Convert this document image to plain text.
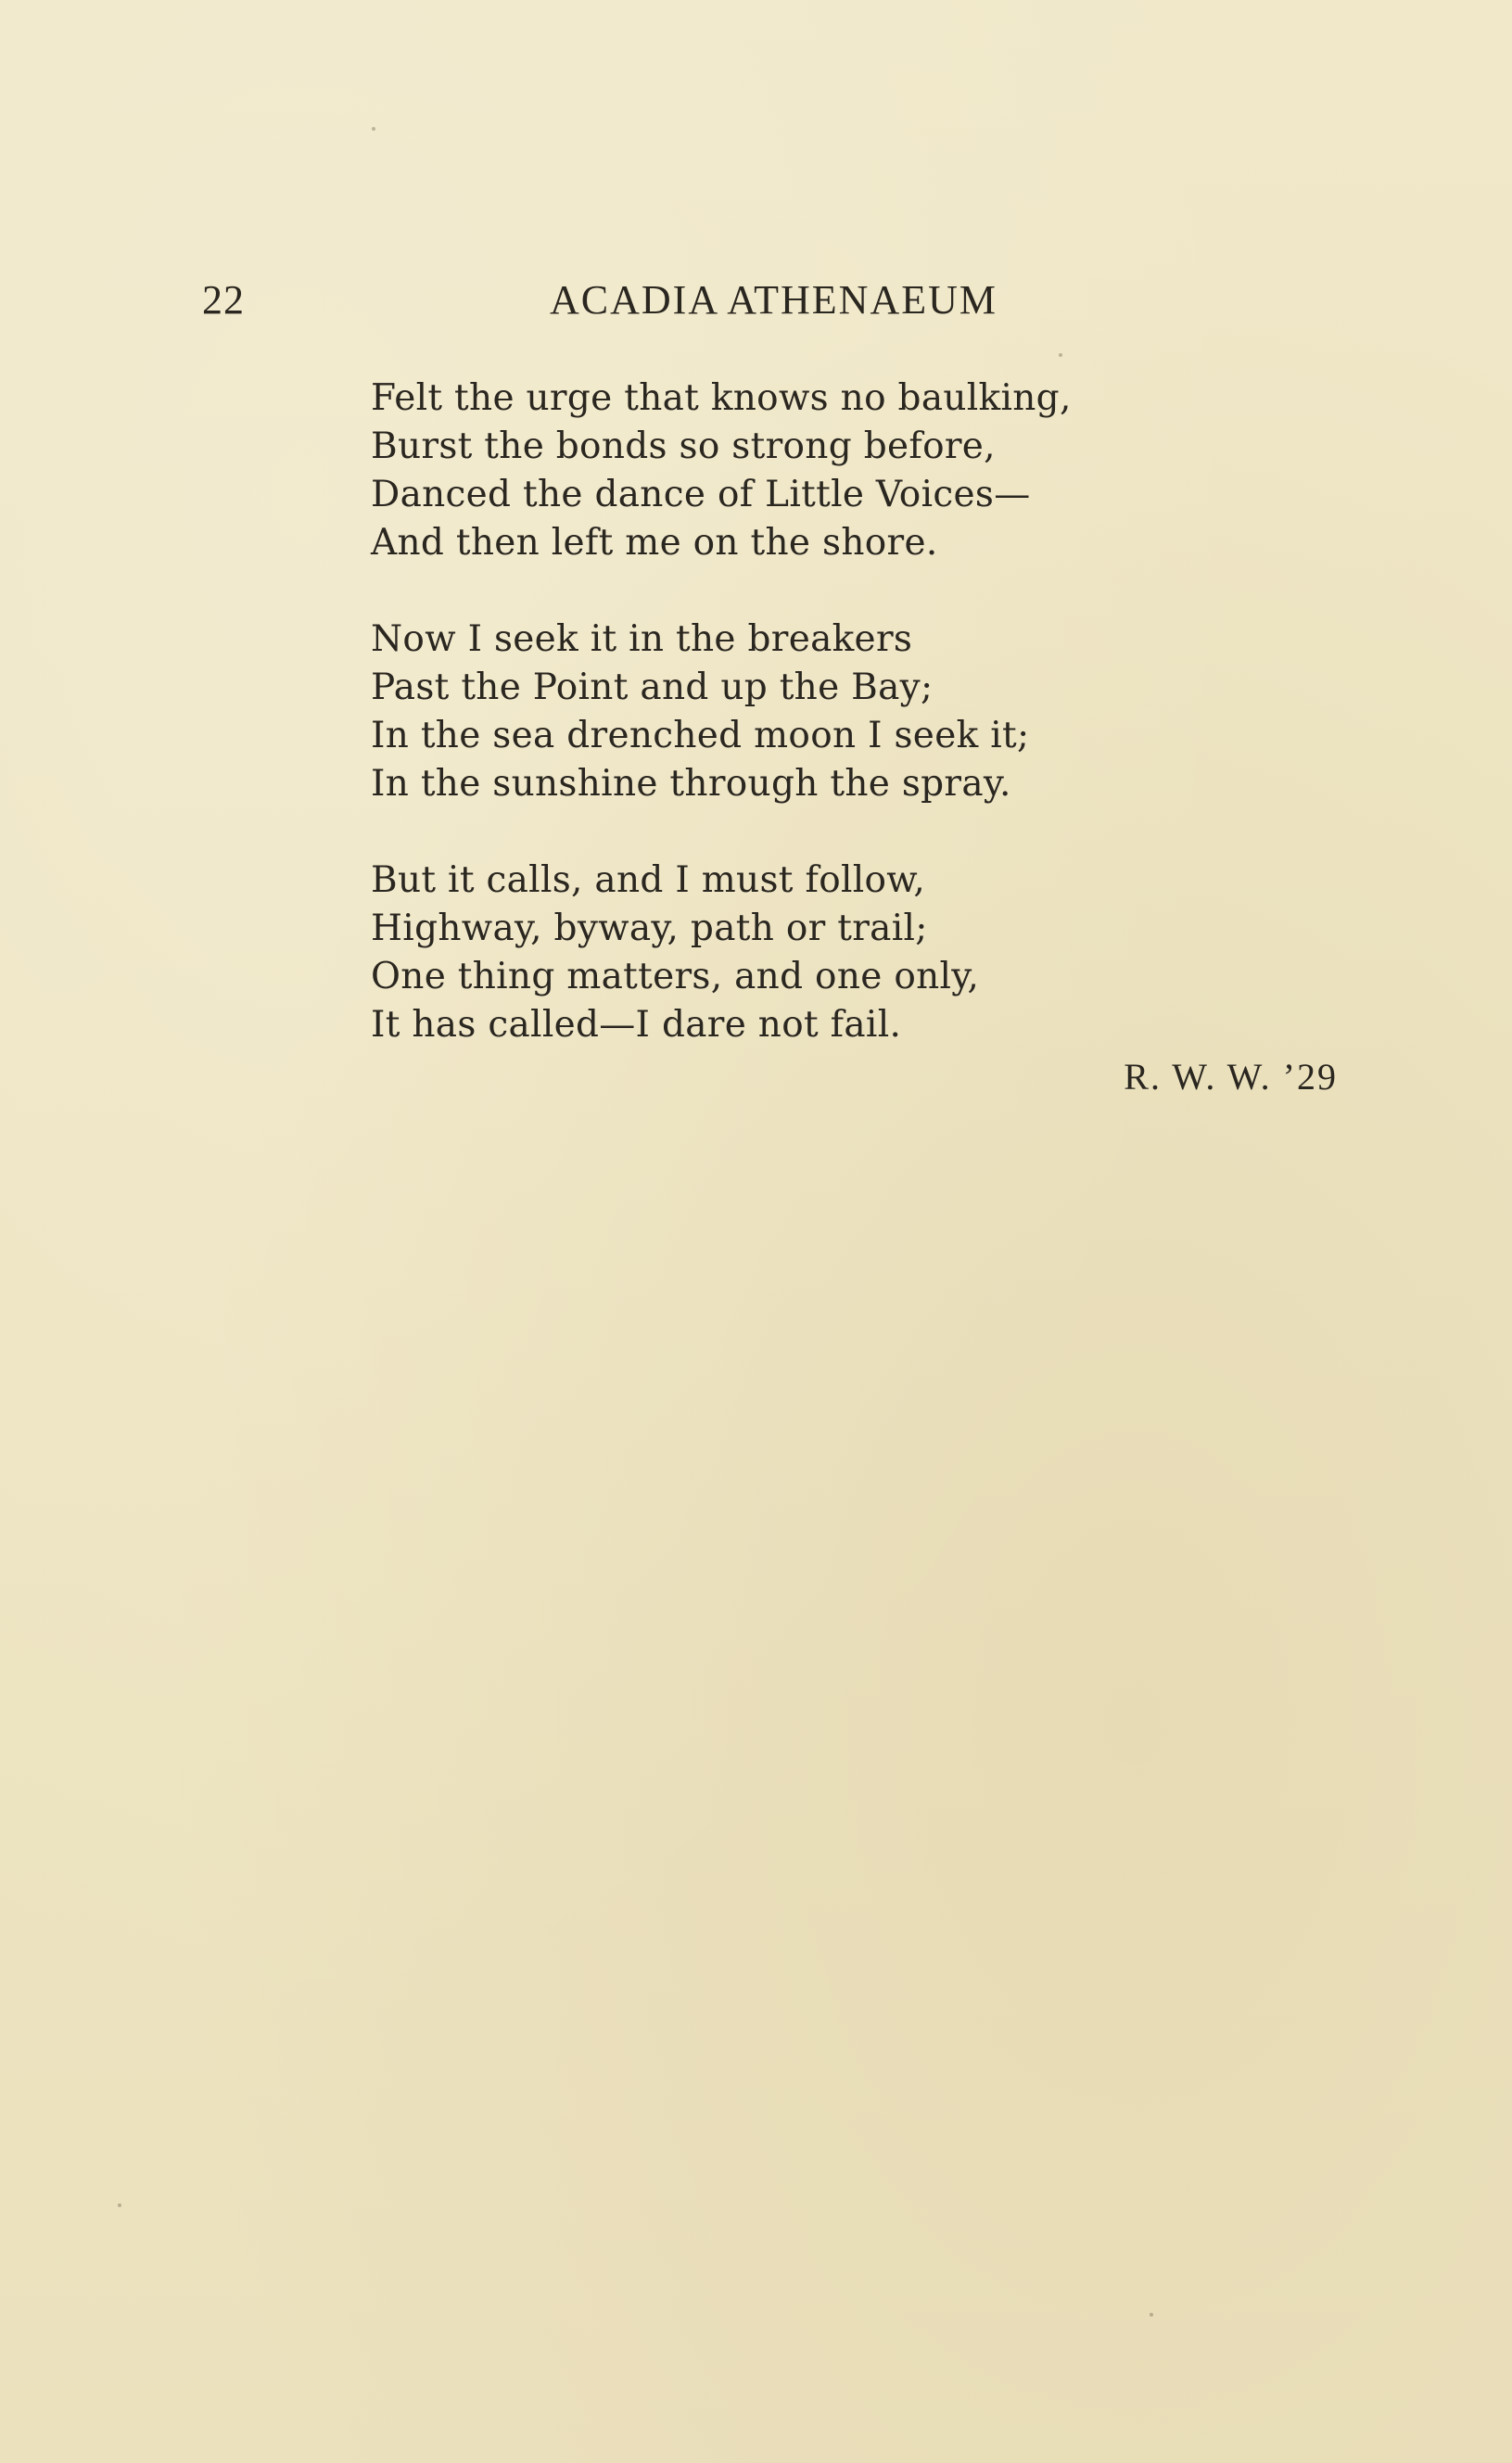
22	ACADIA ATHENAEUM
Felt the urge that knows no baulking,
Burst the bonds so strong before,
Danced the dance of Little Voices—
And then left me on the shore.
Now I seek it in the breakers
Past the Point and up the Bay;
In the sea drenched moon I seek it;
In the sunshine through the spray.
But it calls, and I must follow,
Highway, byway, path or trail;
One thing matters, and one only,
It has called—I dare not fail.
R. W. W. ’29
